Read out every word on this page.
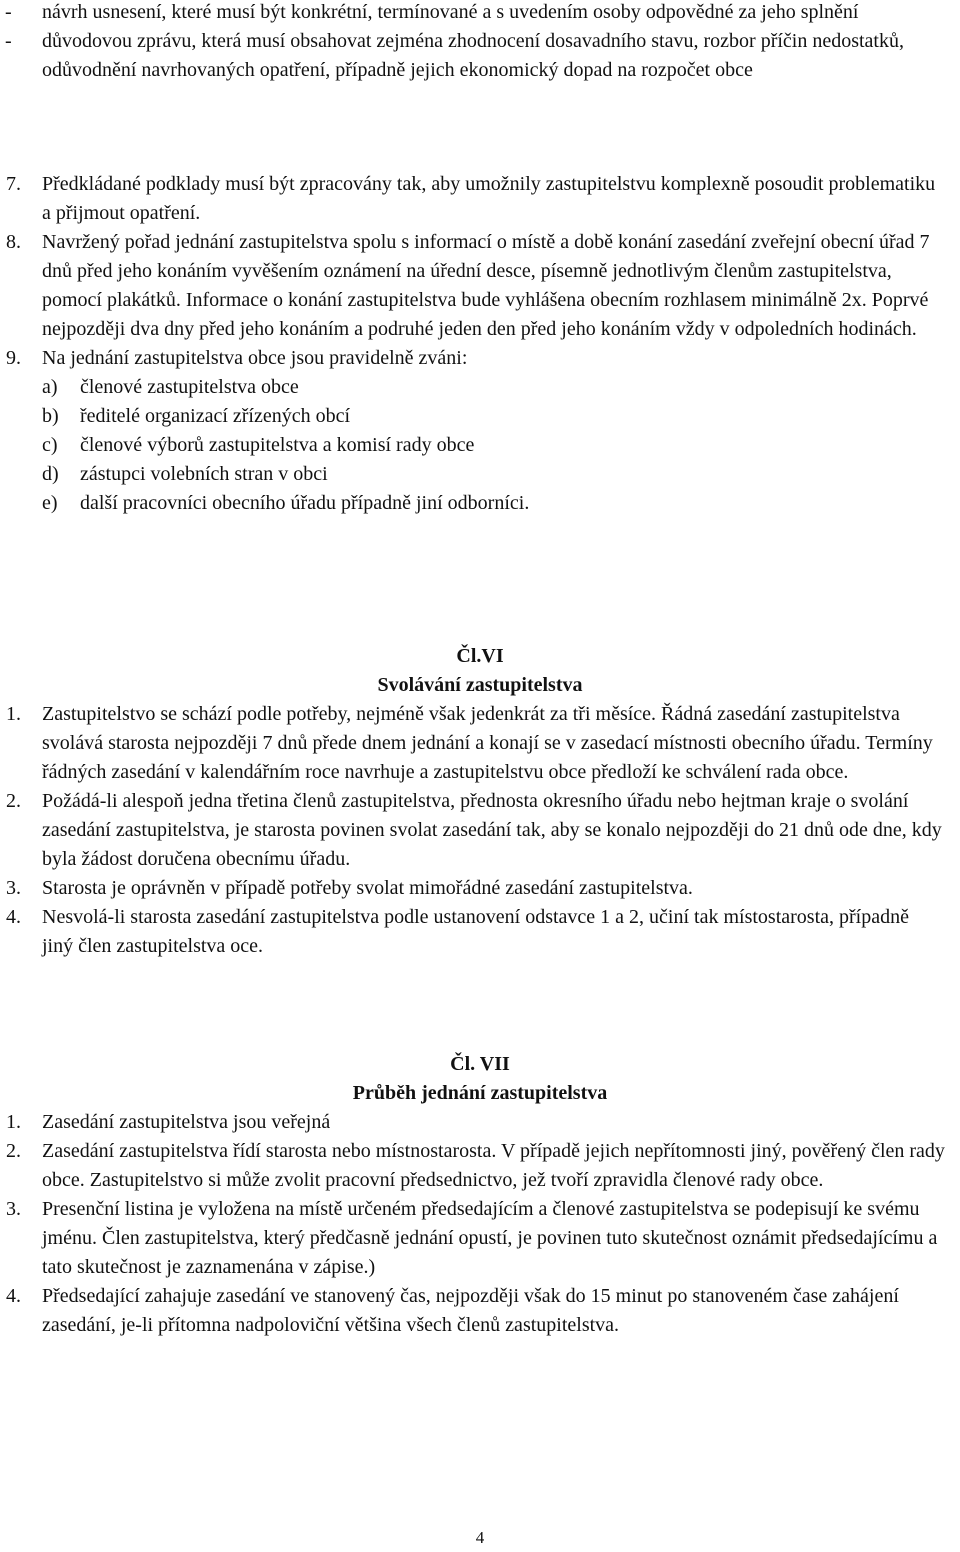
- návrh usnesení, které musí být konkrétní, termínované a s uvedením osoby odpovědné za jeho splnění

- důvodovou zprávu, která musí obsahovat zejména zhodnocení dosavadního stavu, rozbor příčin nedostatků, odůvodnění navrhovaných opatření, případně jejich ekonomický dopad na rozpočet obce

7. Předkládané podklady musí být zpracovány tak, aby umožnily zastupitelstvu komplexně posoudit problematiku a přijmout opatření.

8. Navržený pořad jednání zastupitelstva spolu s informací o místě a době konání zasedání zveřejní obecní úřad 7 dnů před jeho konáním vyvěšením oznámení na úřední desce, písemně jednotlivým členům zastupitelstva, pomocí plakátků. Informace o konání zastupitelstva bude vyhlášena obecním rozhlasem minimálně 2x. Poprvé nejpozději dva dny před jeho konáním a podruhé jeden den před jeho konáním vždy v odpoledních hodinách.

9. Na jednání zastupitelstva obce jsou pravidelně zváni:

a) členové zastupitelstva obce

b) ředitelé organizací zřízených obcí

c) členové výborů zastupitelstva a komisí rady obce

d) zástupci volebních stran v obci

e) další pracovníci obecního úřadu případně jiní odborníci.

Čl.VI
Svolávání zastupitelstva
1. Zastupitelstvo se schází podle potřeby, nejméně však jedenkrát za tři měsíce. Řádná zasedání zastupitelstva svolává starosta nejpozději 7 dnů přede dnem jednání a konají se v zasedací místnosti obecního úřadu. Termíny řádných zasedání v kalendářním roce navrhuje a zastupitelstvu obce předloží ke schválení rada obce.

2. Požádá-li alespoň jedna třetina členů zastupitelstva, přednosta okresního úřadu nebo hejtman kraje o svolání zasedání zastupitelstva, je starosta povinen svolat zasedání tak, aby se konalo nejpozději do 21 dnů ode dne, kdy byla žádost doručena obecnímu úřadu.

3. Starosta je oprávněn v případě potřeby svolat mimořádné zasedání zastupitelstva.

4. Nesvolá-li starosta zasedání zastupitelstva podle ustanovení odstavce 1 a 2, učiní tak místostarosta, případně jiný člen zastupitelstva oce.

Čl. VII
Průběh jednání zastupitelstva
1. Zasedání zastupitelstva jsou veřejná

2. Zasedání zastupitelstva řídí starosta nebo místnostarosta. V případě jejich nepřítomnosti jiný, pověřený člen rady obce. Zastupitelstvo si může zvolit pracovní předsednictvo, jež tvoří zpravidla členové rady obce.

3. Presenční listina je vyložena na místě určeném předsedajícím a členové zastupitelstva se podepisují ke svému jménu. Člen zastupitelstva, který předčasně jednání opustí, je povinen tuto skutečnost oznámit předsedajícímu a tato skutečnost je zaznamenána v zápise.)

4. Předsedající zahajuje zasedání ve stanovený čas, nejpozději však do 15 minut po stanoveném čase zahájení zasedání, je-li přítomna nadpoloviční většina všech členů zastupitelstva.

4
